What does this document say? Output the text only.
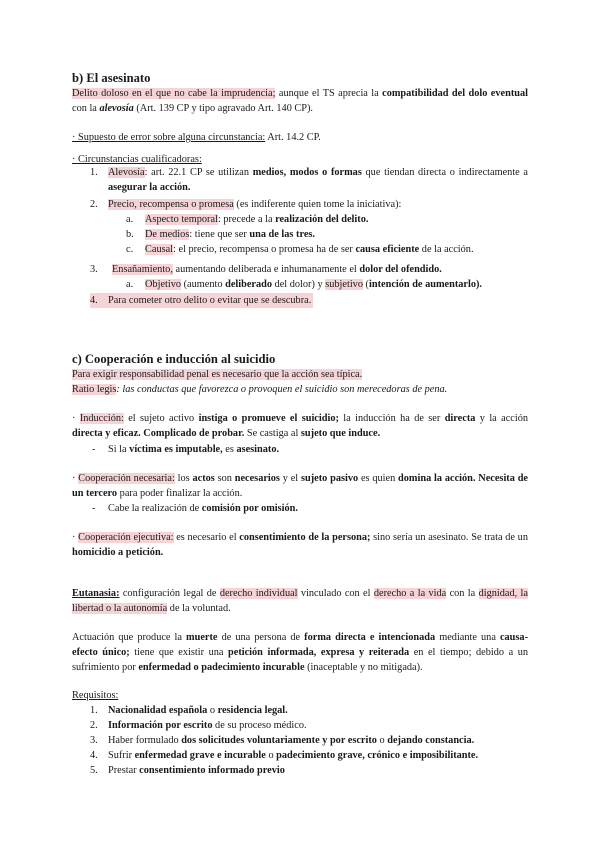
b) El asesinato
Delito doloso en el que no cabe la imprudencia; aunque el TS aprecia la compatibilidad del dolo eventual con la alevosía (Art. 139 CP y tipo agravado Art. 140 CP).
· Supuesto de error sobre alguna circunstancia: Art. 14.2 CP.
· Circunstancias cualificadoras:
1. Alevosía: art. 22.1 CP se utilizan medios, modos o formas que tiendan directa o indirectamente a asegurar la acción.
2. Precio, recompensa o promesa (es indiferente quien tome la iniciativa):
a.	Aspecto temporal: precede a la realización del delito.
b.	De medios: tiene que ser una de las tres.
c.	Causal: el precio, recompensa o promesa ha de ser causa eficiente de la acción.
3.	Ensañamiento, aumentando deliberada e inhumanamente el dolor del ofendido.
a.	Objetivo (aumento deliberado del dolor) y subjetivo (intención de aumentarlo).
4. Para cometer otro delito o evitar que se descubra.
c) Cooperación e inducción al suicidio
Para exigir responsabilidad penal es necesario que la acción sea típica.
Ratio legis: las conductas que favorezca o provoquen el suicidio son merecedoras de pena.
· Inducción: el sujeto activo instiga o promueve el suicidio; la inducción ha de ser directa y la acción directa y eficaz. Complicado de probar. Se castiga al sujeto que induce.
-	Si la víctima es imputable, es asesinato.
· Cooperación necesaria: los actos son necesarios y el sujeto pasivo es quien domina la acción. Necesita de un tercero para poder finalizar la acción.
-	Cabe la realización de comisión por omisión.
· Cooperación ejecutiva: es necesario el consentimiento de la persona; sino sería un asesinato. Se trata de un homicidio a petición.
Eutanasia: configuración legal de derecho individual vinculado con el derecho a la vida con la dignidad, la libertad o la autonomía de la voluntad.
Actuación que produce la muerte de una persona de forma directa e intencionada mediante una causa-efecto único; tiene que existir una petición informada, expresa y reiterada en el tiempo; debido a un sufrimiento por enfermedad o padecimiento incurable (inaceptable y no mitigada).
Requisitos:
1. Nacionalidad española o residencia legal.
2. Información por escrito de su proceso médico.
3. Haber formulado dos solicitudes voluntariamente y por escrito o dejando constancia.
4. Sufrir enfermedad grave e incurable o padecimiento grave, crónico e imposibilitante.
5. Prestar consentimiento informado previo
